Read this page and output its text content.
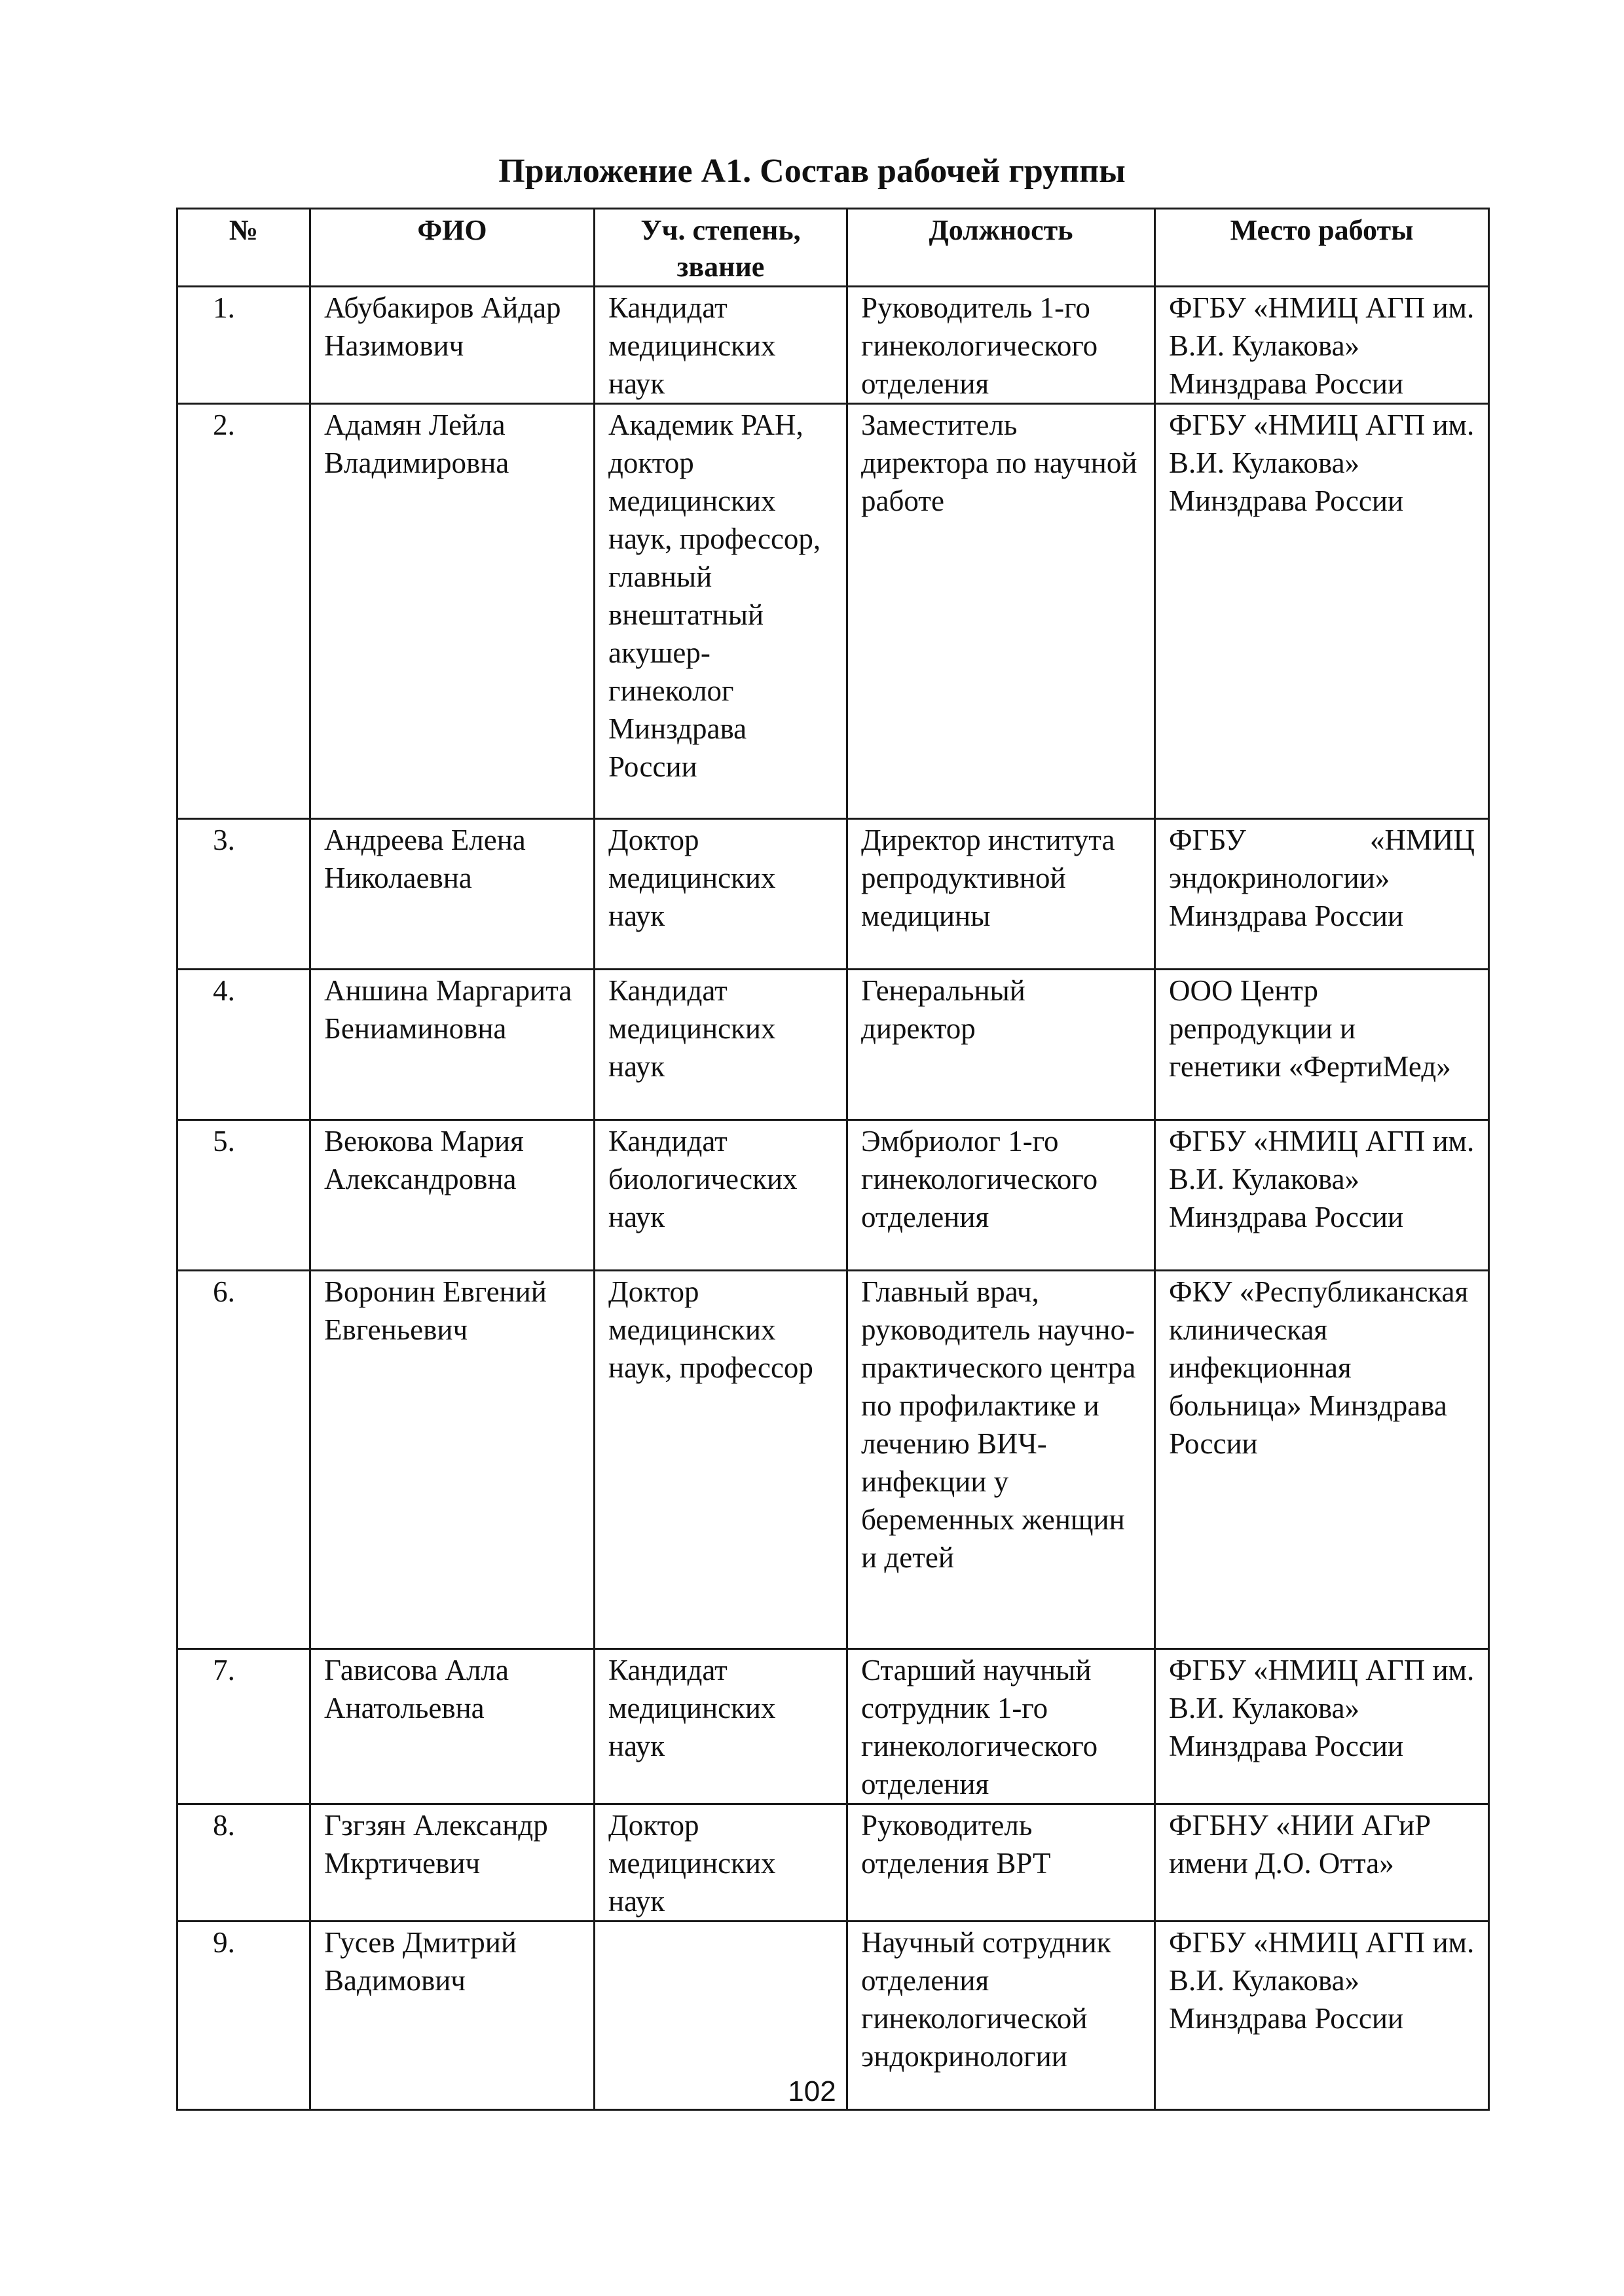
Приложение А1. Состав рабочей группы
№	ФИО	Уч. степень, звание	Должность	Место работы
1.	Абубакиров Айдар Назимович	Кандидат медицинских наук	Руководитель 1-го гинекологического отделения	ФГБУ «НМИЦ АГП им. В.И. Кулакова» Минздрава России
2.	Адамян Лейла Владимировна	Академик РАН, доктор медицинских наук, профессор, главный внештатный акушер-гинеколог Минздрава России	Заместитель директора по научной работе	ФГБУ «НМИЦ АГП им. В.И. Кулакова» Минздрава России
3.	Андреева Елена Николаевна	Доктор медицинских наук	Директор института репродуктивной медицины	ФГБУ «НМИЦ
эндокринологии» Минздрава России

4.	Аншина Маргарита Бениаминовна	Кандидат медицинских наук	Генеральный директор	ООО Центр репродукции и генетики «ФертиМед»
5.	Веюкова Мария Александровна	Кандидат биологических наук	Эмбриолог 1-го гинекологического отделения	ФГБУ «НМИЦ АГП им. В.И. Кулакова» Минздрава России
6.	Воронин Евгений Евгеньевич	Доктор медицинских наук, профессор	Главный врач, руководитель научно-практического центра по профилактике и лечению ВИЧ-инфекции у беременных женщин и детей	ФКУ «Республиканская клиническая инфекционная больница» Минздрава России
7.	Гависова Алла Анатольевна	Кандидат медицинских наук	Старший научный сотрудник 1-го гинекологического отделения	ФГБУ «НМИЦ АГП им. В.И. Кулакова» Минздрава России
8.	Гзгзян Александр Мкртичевич	Доктор медицинских наук	Руководитель отделения ВРТ	ФГБНУ «НИИ АГиР имени Д.О. Отта»
9.	Гусев Дмитрий Вадимович		Научный сотрудник отделения гинекологической эндокринологии	ФГБУ «НМИЦ АГП им. В.И. Кулакова» Минздрава России
102
